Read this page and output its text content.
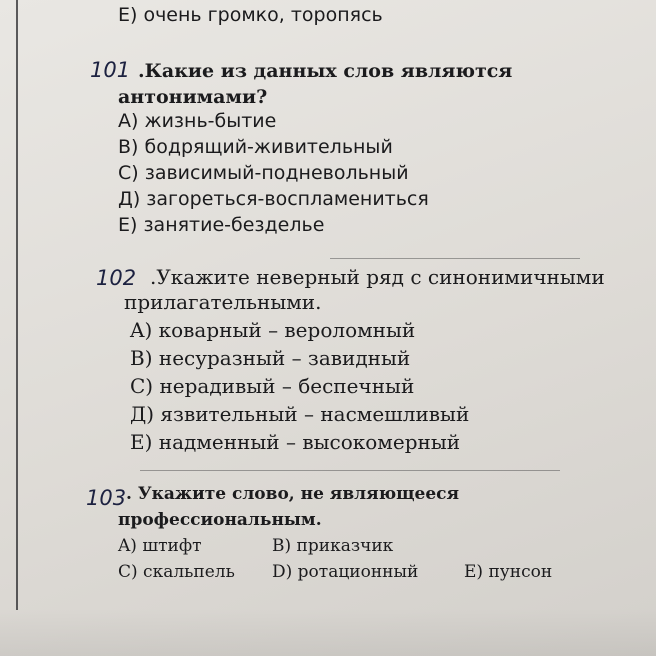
E) очень громко, торопясь
101 .Какие из данных слов являются
антонимами?
A) жизнь-бытие
B) бодрящий-живительный
C) зависимый-подневольный
Д) загореться-воспламениться
E) занятие-безделье
102 .Укажите неверный ряд с синонимичными
прилагательными.
A) коварный – вероломный
B) несуразный – завидный
C) нерадивый – беспечный
Д) язвительный – насмешливый
E) надменный – высокомерный
103 . Укажите слово, не являющееся
профессиональным.
A) штифт	B) приказчик
C) скальпель D) ротационный	E) пунсон
